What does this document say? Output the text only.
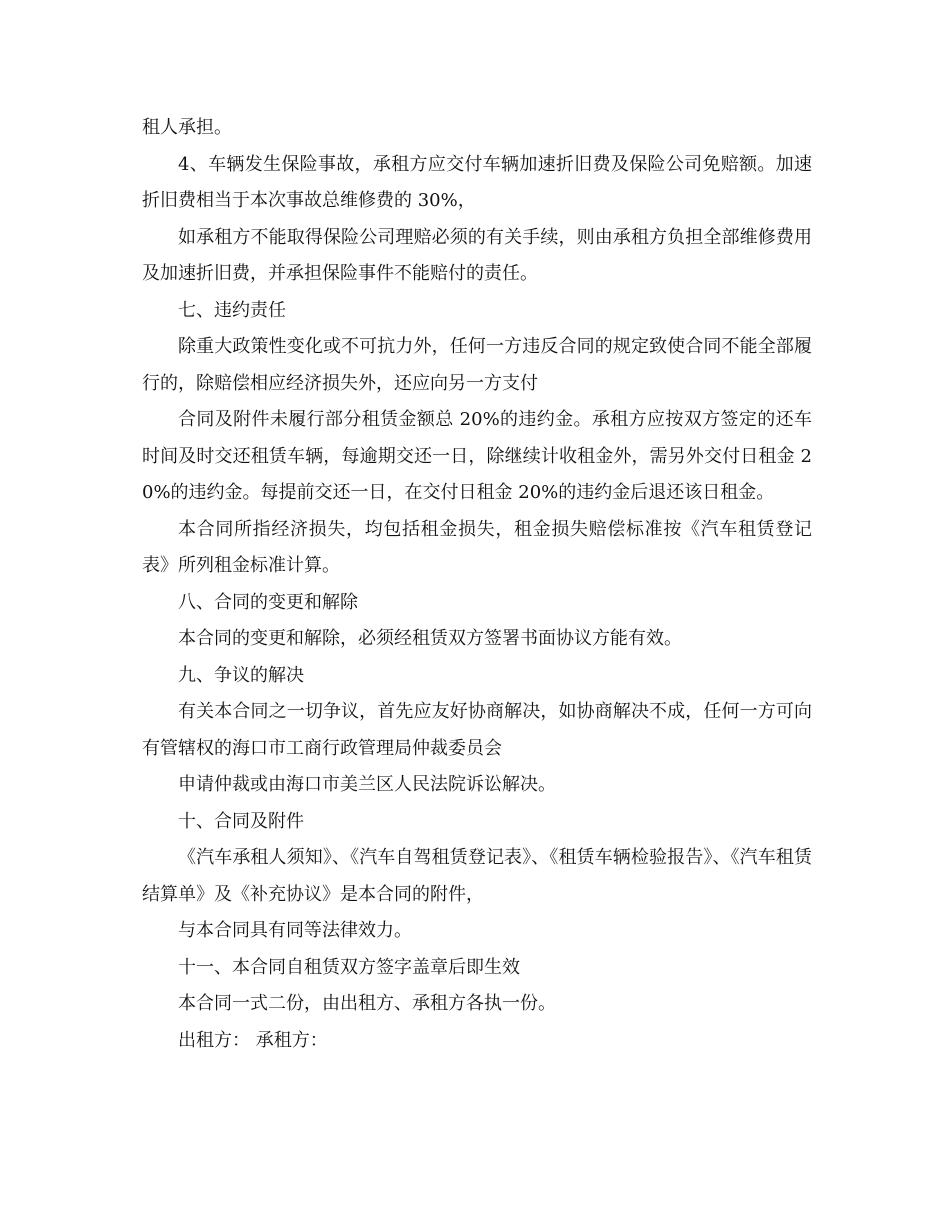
租人承担。

4、车辆发生保险事故，承租方应交付车辆加速折旧费及保险公司免赔额。加速折旧费相当于本次事故总维修费的 30%，

如承租方不能取得保险公司理赔必须的有关手续，则由承租方负担全部维修费用及加速折旧费，并承担保险事件不能赔付的责任。

七、违约责任

除重大政策性变化或不可抗力外，任何一方违反合同的规定致使合同不能全部履行的，除赔偿相应经济损失外，还应向另一方支付

合同及附件未履行部分租赁金额总 20%的违约金。承租方应按双方签定的还车时间及时交还租赁车辆，每逾期交还一日，除继续计收租金外，需另外交付日租金 20%的违约金。每提前交还一日，在交付日租金 20%的违约金后退还该日租金。

本合同所指经济损失，均包括租金损失，租金损失赔偿标准按《汽车租赁登记表》所列租金标准计算。

八、合同的变更和解除

本合同的变更和解除，必须经租赁双方签署书面协议方能有效。

九、争议的解决

有关本合同之一切争议，首先应友好协商解决，如协商解决不成，任何一方可向有管辖权的海口市工商行政管理局仲裁委员会

申请仲裁或由海口市美兰区人民法院诉讼解决。

十、合同及附件

《汽车承租人须知》、《汽车自驾租赁登记表》、《租赁车辆检验报告》、《汽车租赁结算单》及《补充协议》是本合同的附件，

与本合同具有同等法律效力。

十一、本合同自租赁双方签字盖章后即生效

本合同一式二份，由出租方、承租方各执一份。

出租方： 承租方：
